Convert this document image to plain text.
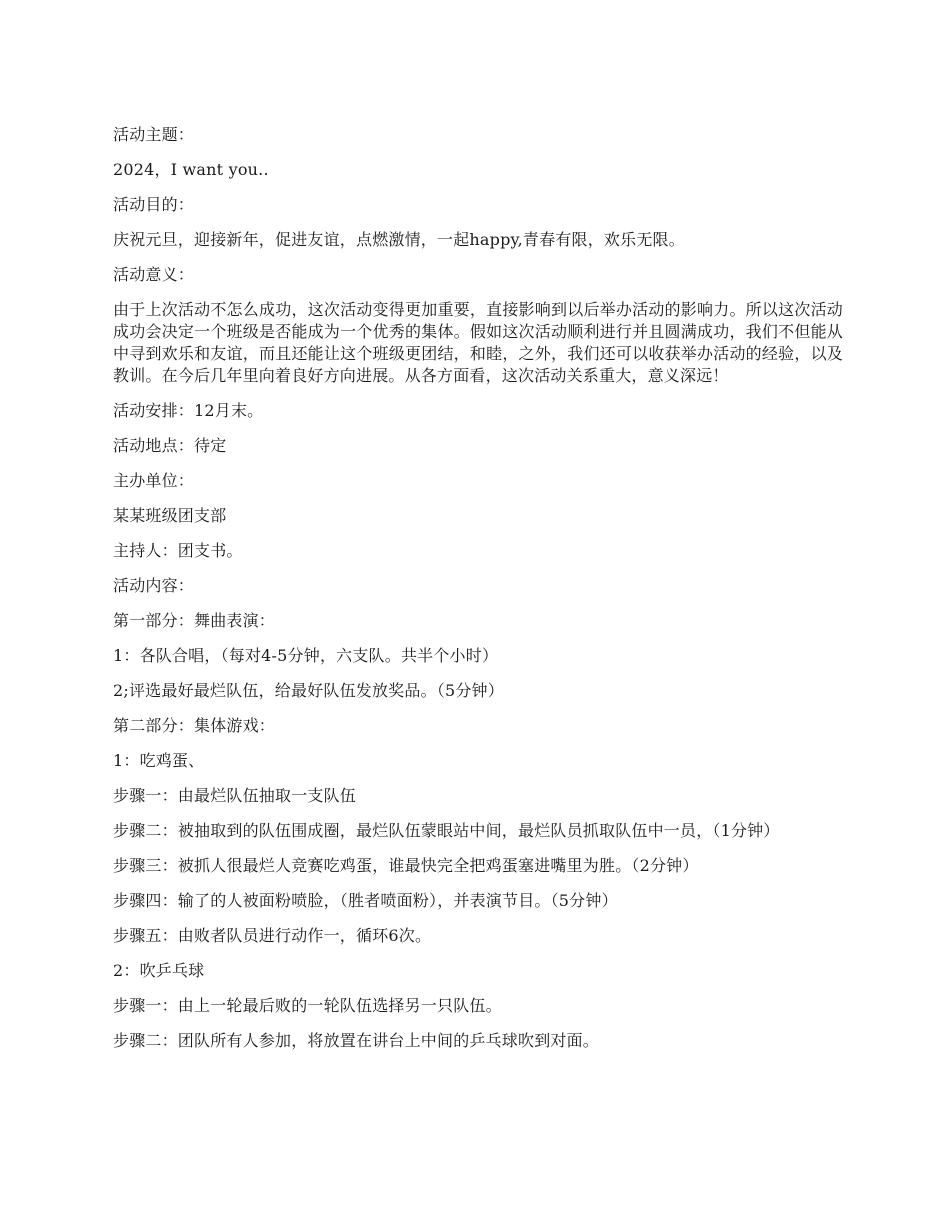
活动主题：

2024，I want you..

活动目的：

庆祝元旦，迎接新年，促进友谊，点燃激情，一起happy,青春有限，欢乐无限。

活动意义：

由于上次活动不怎么成功，这次活动变得更加重要，直接影响到以后举办活动的影响力。所以这次活动成功会决定一个班级是否能成为一个优秀的集体。假如这次活动顺利进行并且圆满成功，我们不但能从中寻到欢乐和友谊，而且还能让这个班级更团结，和睦，之外，我们还可以收获举办活动的经验，以及教训。在今后几年里向着良好方向进展。从各方面看，这次活动关系重大，意义深远！

活动安排：12月末。

活动地点：待定

主办单位：

某某班级团支部

主持人：团支书。

活动内容：

第一部分：舞曲表演：

1：各队合唱，（每对4-5分钟，六支队。共半个小时）

2;评选最好最烂队伍，给最好队伍发放奖品。（5分钟）

第二部分：集体游戏：

1：吃鸡蛋、

步骤一：由最烂队伍抽取一支队伍

步骤二：被抽取到的队伍围成圈，最烂队伍蒙眼站中间，最烂队员抓取队伍中一员，（1分钟）

步骤三：被抓人很最烂人竞赛吃鸡蛋，谁最快完全把鸡蛋塞进嘴里为胜。（2分钟）

步骤四：输了的人被面粉喷脸，（胜者喷面粉），并表演节目。（5分钟）

步骤五：由败者队员进行动作一，循环6次。

2：吹乒乓球

步骤一：由上一轮最后败的一轮队伍选择另一只队伍。

步骤二：团队所有人参加，将放置在讲台上中间的乒乓球吹到对面。
